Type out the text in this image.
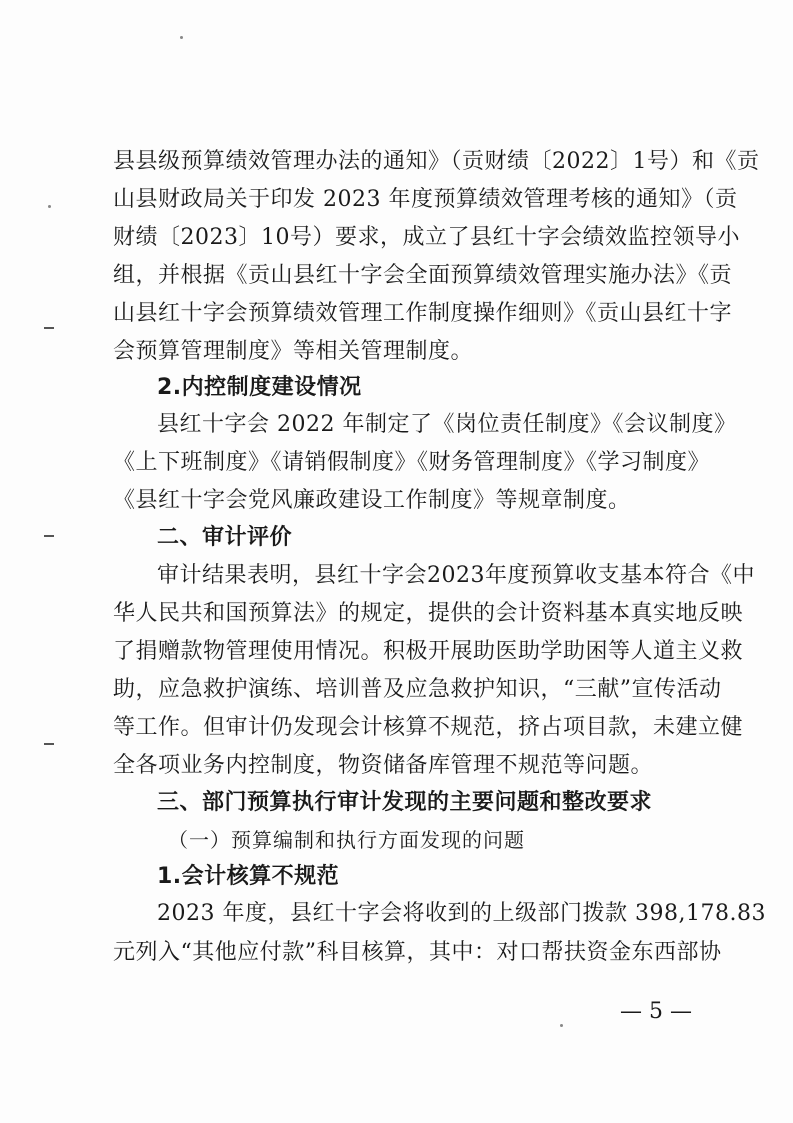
县县级预算绩效管理办法的通知》（贡财绩〔2022〕1号）和《贡
山县财政局关于印发 2023 年度预算绩效管理考核的通知》（贡
财绩〔2023〕10号）要求，成立了县红十字会绩效监控领导小
组，并根据《贡山县红十字会全面预算绩效管理实施办法》《贡
山县红十字会预算绩效管理工作制度操作细则》《贡山县红十字
会预算管理制度》等相关管理制度。
2.内控制度建设情况
县红十字会 2022 年制定了《岗位责任制度》《会议制度》
《上下班制度》《请销假制度》《财务管理制度》《学习制度》
《县红十字会党风廉政建设工作制度》等规章制度。
二、审计评价
审计结果表明，县红十字会2023年度预算收支基本符合《中
华人民共和国预算法》的规定，提供的会计资料基本真实地反映
了捐赠款物管理使用情况。积极开展助医助学助困等人道主义救
助，应急救护演练、培训普及应急救护知识，“三献”宣传活动
等工作。但审计仍发现会计核算不规范，挤占项目款，未建立健
全各项业务内控制度，物资储备库管理不规范等问题。
三、部门预算执行审计发现的主要问题和整改要求
（一）预算编制和执行方面发现的问题
1.会计核算不规范
2023 年度，县红十字会将收到的上级部门拨款 398,178.83
元列入“其他应付款”科目核算，其中：对口帮扶资金东西部协
— 5 —
